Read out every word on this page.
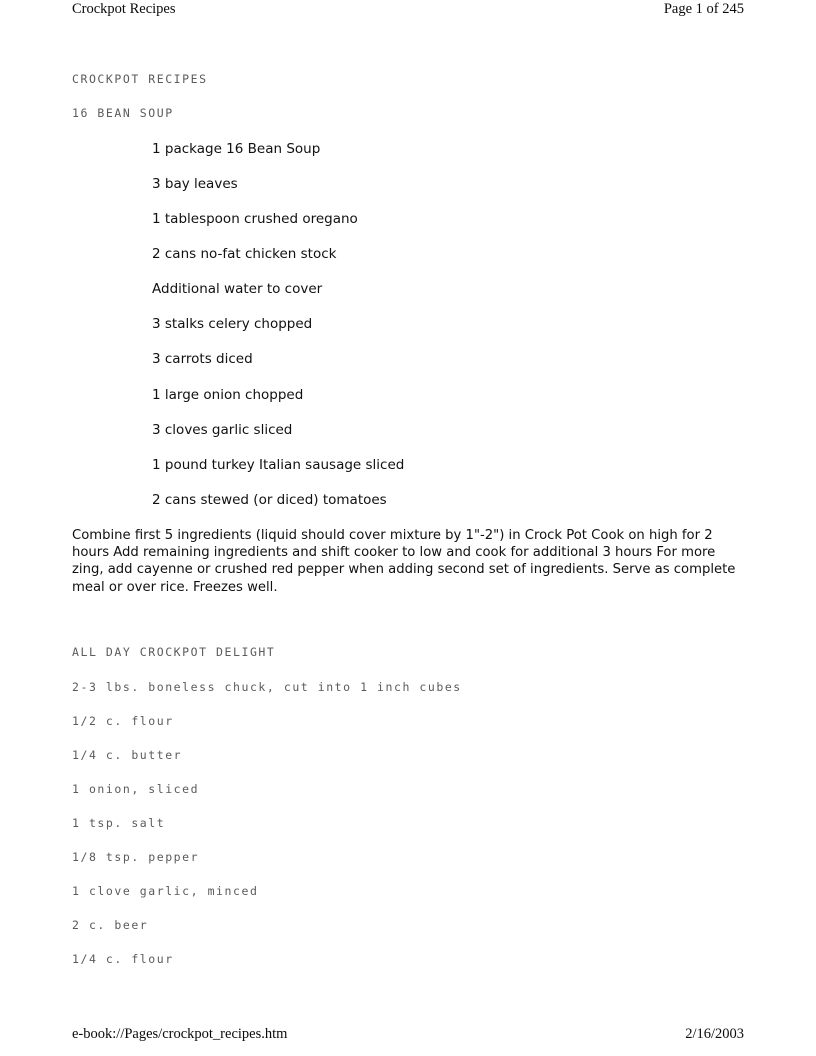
Crockpot Recipes	Page 1 of 245
CROCKPOT RECIPES
16 BEAN SOUP
1 package 16 Bean Soup
3 bay leaves
1 tablespoon crushed oregano
2 cans no-fat chicken stock
Additional water to cover
3 stalks celery chopped
3 carrots diced
1 large onion chopped
3 cloves garlic sliced
1 pound turkey Italian sausage sliced
2 cans stewed (or diced) tomatoes
Combine first 5 ingredients (liquid should cover mixture by 1"-2") in Crock Pot Cook on high for 2 hours Add remaining ingredients and shift cooker to low and cook for additional 3 hours For more zing, add cayenne or crushed red pepper when adding second set of ingredients. Serve as complete meal or over rice. Freezes well.
ALL DAY CROCKPOT DELIGHT
2-3 lbs. boneless chuck, cut into 1 inch cubes
1/2 c. flour
1/4 c. butter
1 onion, sliced
1 tsp. salt
1/8 tsp. pepper
1 clove garlic, minced
2 c. beer
1/4 c. flour
e-book://Pages/crockpot_recipes.htm	2/16/2003
